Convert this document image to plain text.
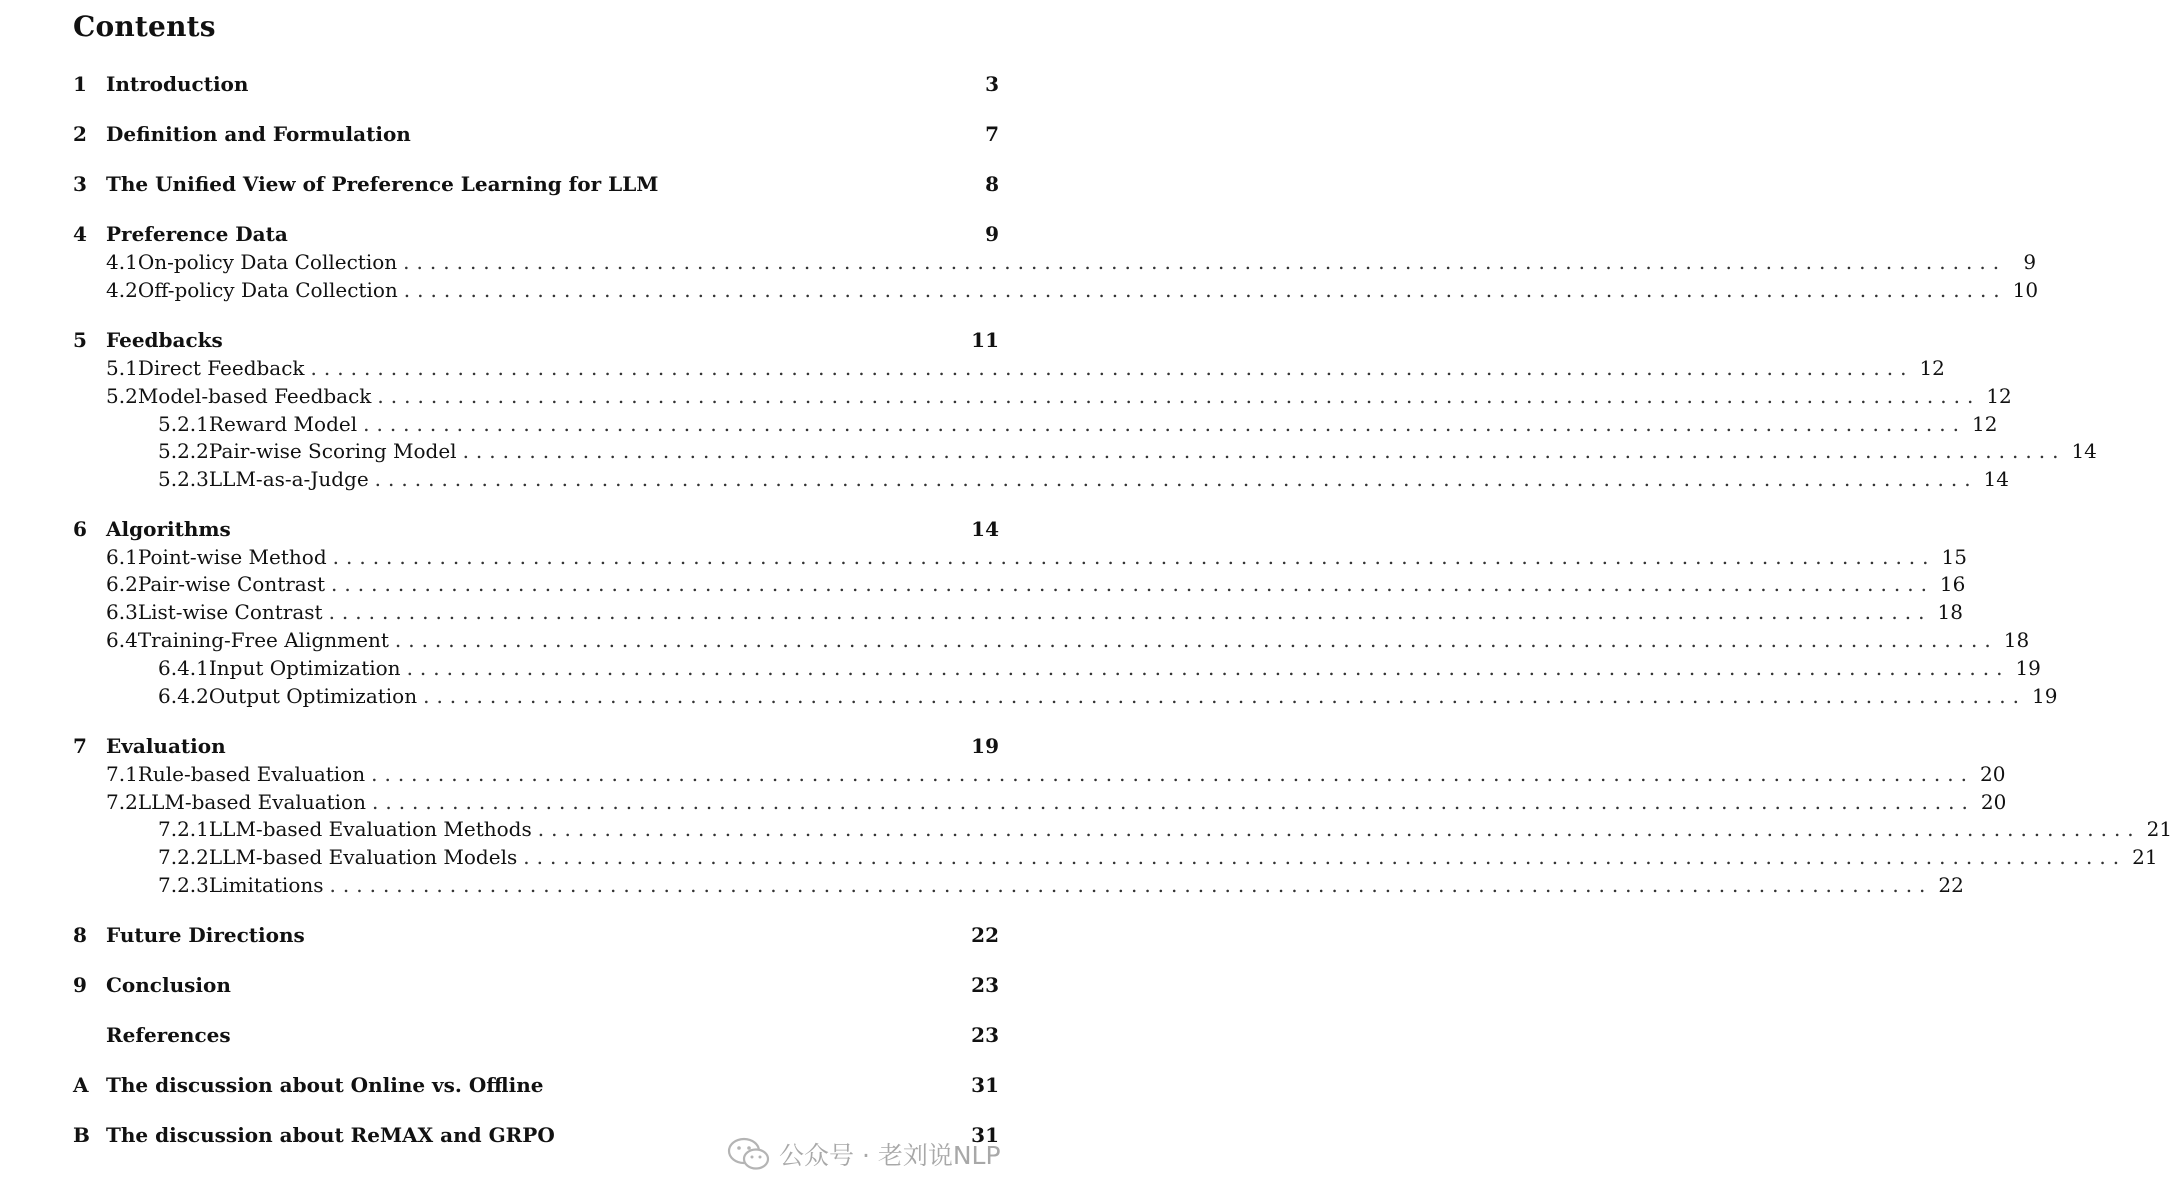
Contents
1 Introduction	3
2 Definition and Formulation	7
3 The Unified View of Preference Learning for LLM	8
4 Preference Data	9
4.1 On-policy Data Collection ........................................................................................................................ 9
4.2 Off-policy Data Collection ........................................................................................................................ 10
5 Feedbacks	11
5.1 Direct Feedback ........................................................................................................................ 12
5.2 Model-based Feedback ........................................................................................................................ 12
5.2.1 Reward Model ........................................................................................................................ 12
5.2.2 Pair-wise Scoring Model ........................................................................................................................ 14
5.2.3 LLM-as-a-Judge ........................................................................................................................ 14
6 Algorithms	14
6.1 Point-wise Method ........................................................................................................................ 15
6.2 Pair-wise Contrast ........................................................................................................................ 16
6.3 List-wise Contrast ........................................................................................................................ 18
6.4 Training-Free Alignment ........................................................................................................................ 18
6.4.1 Input Optimization ........................................................................................................................ 19
6.4.2 Output Optimization ........................................................................................................................ 19
7 Evaluation	19
7.1 Rule-based Evaluation ........................................................................................................................ 20
7.2 LLM-based Evaluation ........................................................................................................................ 20
7.2.1 LLM-based Evaluation Methods ........................................................................................................................ 21
7.2.2 LLM-based Evaluation Models ........................................................................................................................ 21
7.2.3 Limitations ........................................................................................................................ 22
8 Future Directions	22
9 Conclusion	23
References	23
A The discussion about Online vs. Offline	31
B The discussion about ReMAX and GRPO	31
公众号 · 老刘说NLP
